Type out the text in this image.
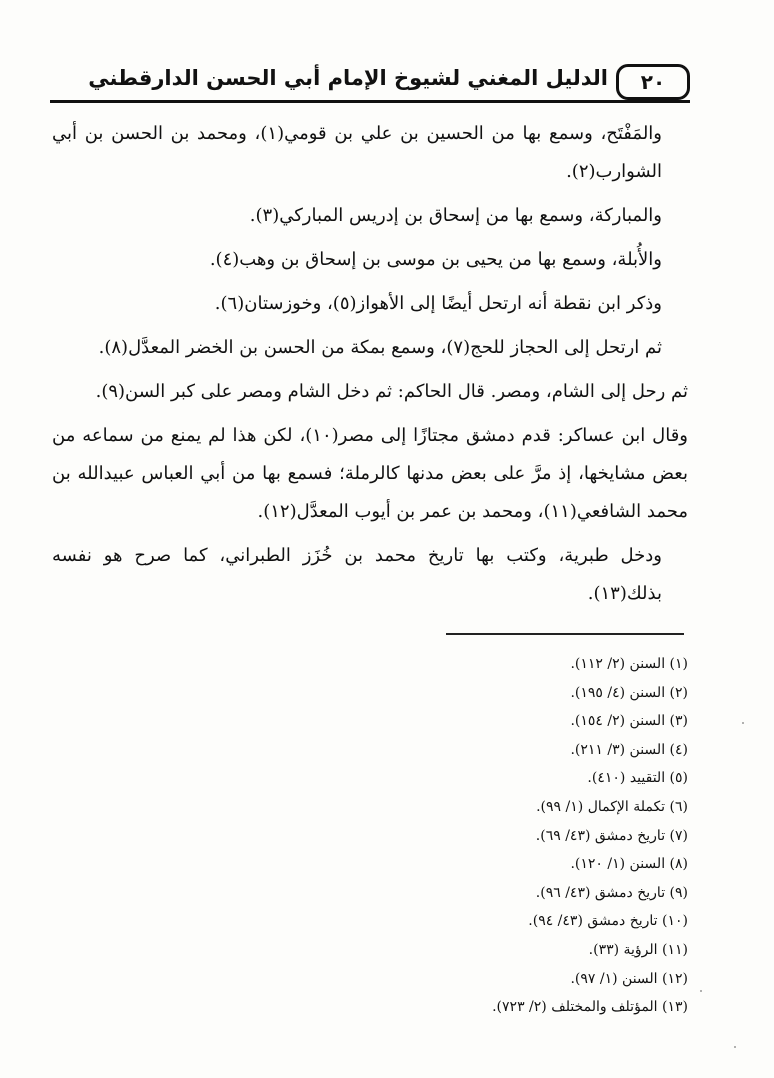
٢٠
الدليل المغني لشيوخ الإمام أبي الحسن الدارقطني

والمَفْتَح، وسمع بها من الحسين بن علي بن قومي(١)، ومحمد بن الحسن بن أبي الشوارب(٢).

والمباركة، وسمع بها من إسحاق بن إدريس المباركي(٣).

والأُبلة، وسمع بها من يحيى بن موسى بن إسحاق بن وهب(٤).

وذكر ابن نقطة أنه ارتحل أيضًا إلى الأهواز(٥)، وخوزستان(٦).

ثم ارتحل إلى الحجاز للحج(٧)، وسمع بمكة من الحسن بن الخضر المعدَّل(٨).

ثم رحل إلى الشام، ومصر. قال الحاكم: ثم دخل الشام ومصر على كبر السن(٩).

وقال ابن عساكر: قدم دمشق مجتازًا إلى مصر(١٠)، لكن هذا لم يمنع من سماعه من بعض مشايخها، إذ مرَّ على بعض مدنها كالرملة؛ فسمع بها من أبي العباس عبيدالله بن محمد الشافعي(١١)، ومحمد بن عمر بن أيوب المعدَّل(١٢).

ودخل طبرية، وكتب بها تاريخ محمد بن خُزَز الطبراني، كما صرح هو نفسه بذلك(١٣).

(١) السنن (٢/ ١١٢).
(٢) السنن (٤/ ١٩٥).
(٣) السنن (٢/ ١٥٤).
(٤) السنن (٣/ ٢١١).
(٥) التقييد (٤١٠).
(٦) تكملة الإكمال (١/ ٩٩).
(٧) تاريخ دمشق (٤٣/ ٦٩).
(٨) السنن (١/ ١٢٠).
(٩) تاريخ دمشق (٤٣/ ٩٦).
(١٠) تاريخ دمشق (٤٣/ ٩٤).
(١١) الرؤية (٣٣).
(١٢) السنن (١/ ٩٧).
(١٣) المؤتلف والمختلف (٢/ ٧٢٣).
